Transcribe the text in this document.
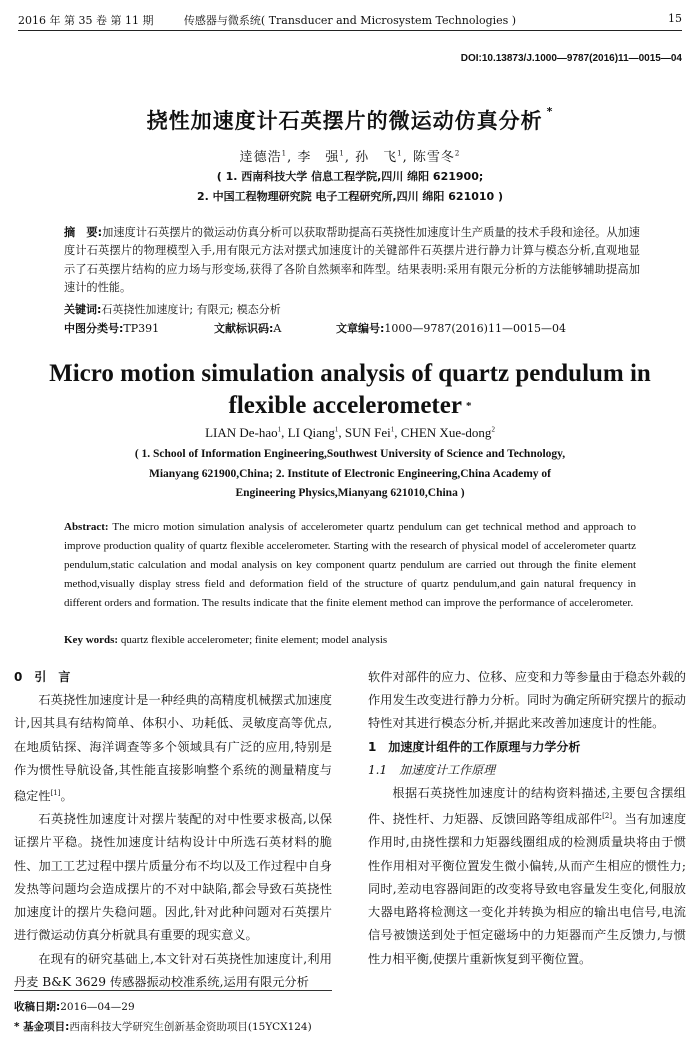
2016 年 第 35 卷 第 11 期	传感器与微系统( Transducer and Microsystem Technologies )	15
DOI:10.13873/J.1000—9787(2016)11—0015—04
挠性加速度计石英摆片的微运动仿真分析 *
逹德浩$^1$, 李　强$^1$, 孙　飞$^1$, 陈雪冬$^2$
( 1. 西南科技大学 信息工程学院,四川 绵阳 621900;
2. 中国工程物理研究院 电子工程研究所,四川 绵阳 621010 )
摘　要:加速度计石英摆片的微运动仿真分析可以获取帮助提高石英挠性加速度计生产质量的技术手段和途径。从加速度计石英摆片的物理模型入手,用有限元方法对摆式加速度计的关键部件石英摆片进行静力计算与模态分析,直观地显示了石英摆片结构的应力场与形变场,获得了各阶自然频率和阵型。结果表明:采用有限元分析的方法能够辅助提高加速计的性能。
关键词:石英挠性加速度计; 有限元; 模态分析
中图分类号:TP391	文献标识码:A	文章编号:1000—9787(2016)11—0015—04
Micro motion simulation analysis of quartz pendulum in
flexible accelerometer *
LIAN De-hao$^1$, LI Qiang$^1$, SUN Fei$^1$, CHEN Xue-dong$^2$
( 1. School of Information Engineering,Southwest University of Science and Technology,
Mianyang 621900,China; 2. Institute of Electronic Engineering,China Academy of
Engineering Physics,Mianyang 621010,China )
Abstract: The micro motion simulation analysis of accelerometer quartz pendulum can get technical method and approach to improve production quality of quartz flexible accelerometer. Starting with the research of physical model of accelerometer quartz pendulum,static calculation and modal analysis on key component quartz pendulum are carried out through the finite element method,visually display stress field and deformation field of the structure of quartz pendulum,and gain natural frequency in different orders and formation. The results indicate that the finite element method can improve the performance of accelerometer.
Key words: quartz flexible accelerometer; finite element; model analysis
0　引　言

石英挠性加速度计是一种经典的高精度机械摆式加速度计,因其具有结构简单、体积小、功耗低、灵敏度高等优点,在地质钻探、海洋调查等多个领域具有广泛的应用,特别是作为惯性导航设备,其性能直接影响整个系统的测量精度与稳定性[1]。

石英挠性加速度计对摆片装配的对中性要求极高,以保证摆片平稳。挠性加速度计结构设计中所选石英材料的脆性、加工工艺过程中摆片质量分布不均以及工作过程中自身发热等问题均会造成摆片的不对中缺陷,都会导致石英挠性加速度计的摆片失稳问题。因此,针对此种问题对石英摆片进行微运动仿真分析就具有重要的现实意义。

在现有的研究基础上,本文针对石英挠性加速度计,利用丹麦 B&K 3629 传感器振动校准系统,运用有限元分析

软件对部件的应力、位移、应变和力等参量由于稳态外载的作用发生改变进行静力分析。同时为确定所研究摆片的振动特性对其进行模态分析,并据此来改善加速度计的性能。
1　加速度计组件的工作原理与力学分析
1.1　加速度计工作原理

根据石英挠性加速度计的结构资料描述,主要包含摆组件、挠性杆、力矩器、反馈回路等组成部件[2]。当有加速度作用时,由挠性摆和力矩器线圈组成的检测质量块将由于惯性作用相对平衡位置发生微小偏转,从而产生相应的惯性力;同时,差动电容器间距的改变将导致电容量发生变化,伺服放大器电路将检测这一变化并转换为相应的输出电信号,电流信号被馈送到处于恒定磁场中的力矩器而产生反馈力,与惯性力相平衡,使摆片重新恢复到平衡位置。

收稿日期:2016—04—29
* 基金项目:西南科技大学研究生创新基金资助项目(15YCX124)
